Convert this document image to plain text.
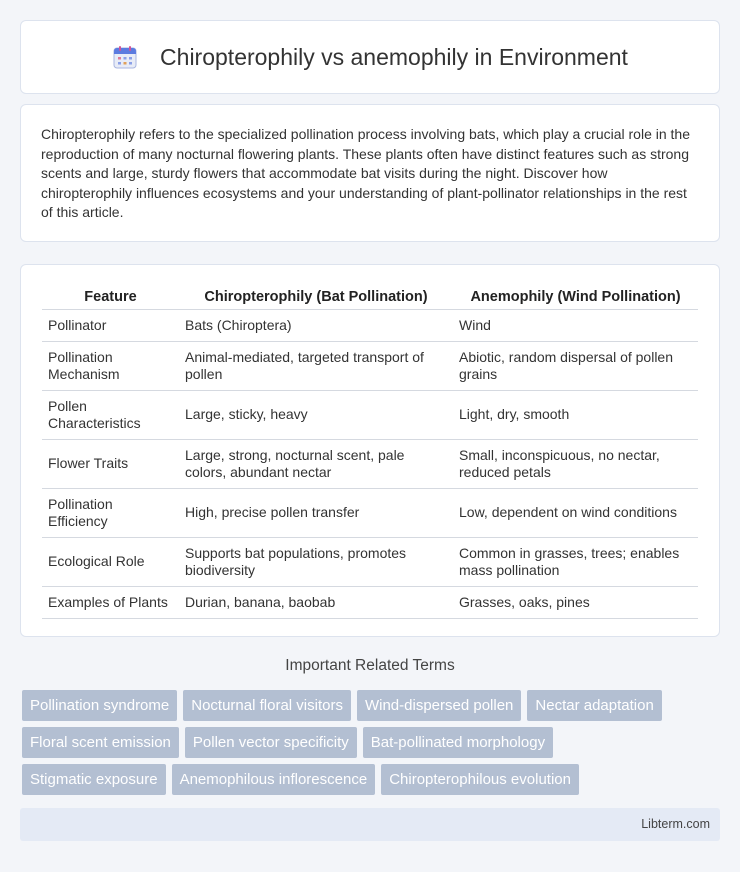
Chiropterophily vs anemophily in Environment

Chiropterophily refers to the specialized pollination process involving bats, which play a crucial role in the reproduction of many nocturnal flowering plants. These plants often have distinct features such as strong scents and large, sturdy flowers that accommodate bat visits during the night. Discover how chiropterophily influences ecosystems and your understanding of plant-pollinator relationships in the rest of this article.

Feature	Chiropterophily (Bat Pollination)	Anemophily (Wind Pollination)
Pollinator	Bats (Chiroptera)	Wind
Pollination Mechanism	Animal-mediated, targeted transport of pollen	Abiotic, random dispersal of pollen grains
Pollen Characteristics	Large, sticky, heavy	Light, dry, smooth
Flower Traits	Large, strong, nocturnal scent, pale colors, abundant nectar	Small, inconspicuous, no nectar, reduced petals
Pollination Efficiency	High, precise pollen transfer	Low, dependent on wind conditions
Ecological Role	Supports bat populations, promotes biodiversity	Common in grasses, trees; enables mass pollination
Examples of Plants	Durian, banana, baobab	Grasses, oaks, pines
Important Related Terms
Pollination syndrome	Nocturnal floral visitors	Wind-dispersed pollen	Nectar adaptation
Floral scent emission	Pollen vector specificity	Bat-pollinated morphology
Stigmatic exposure	Anemophilous inflorescence	Chiropterophilous evolution
Libterm.com
